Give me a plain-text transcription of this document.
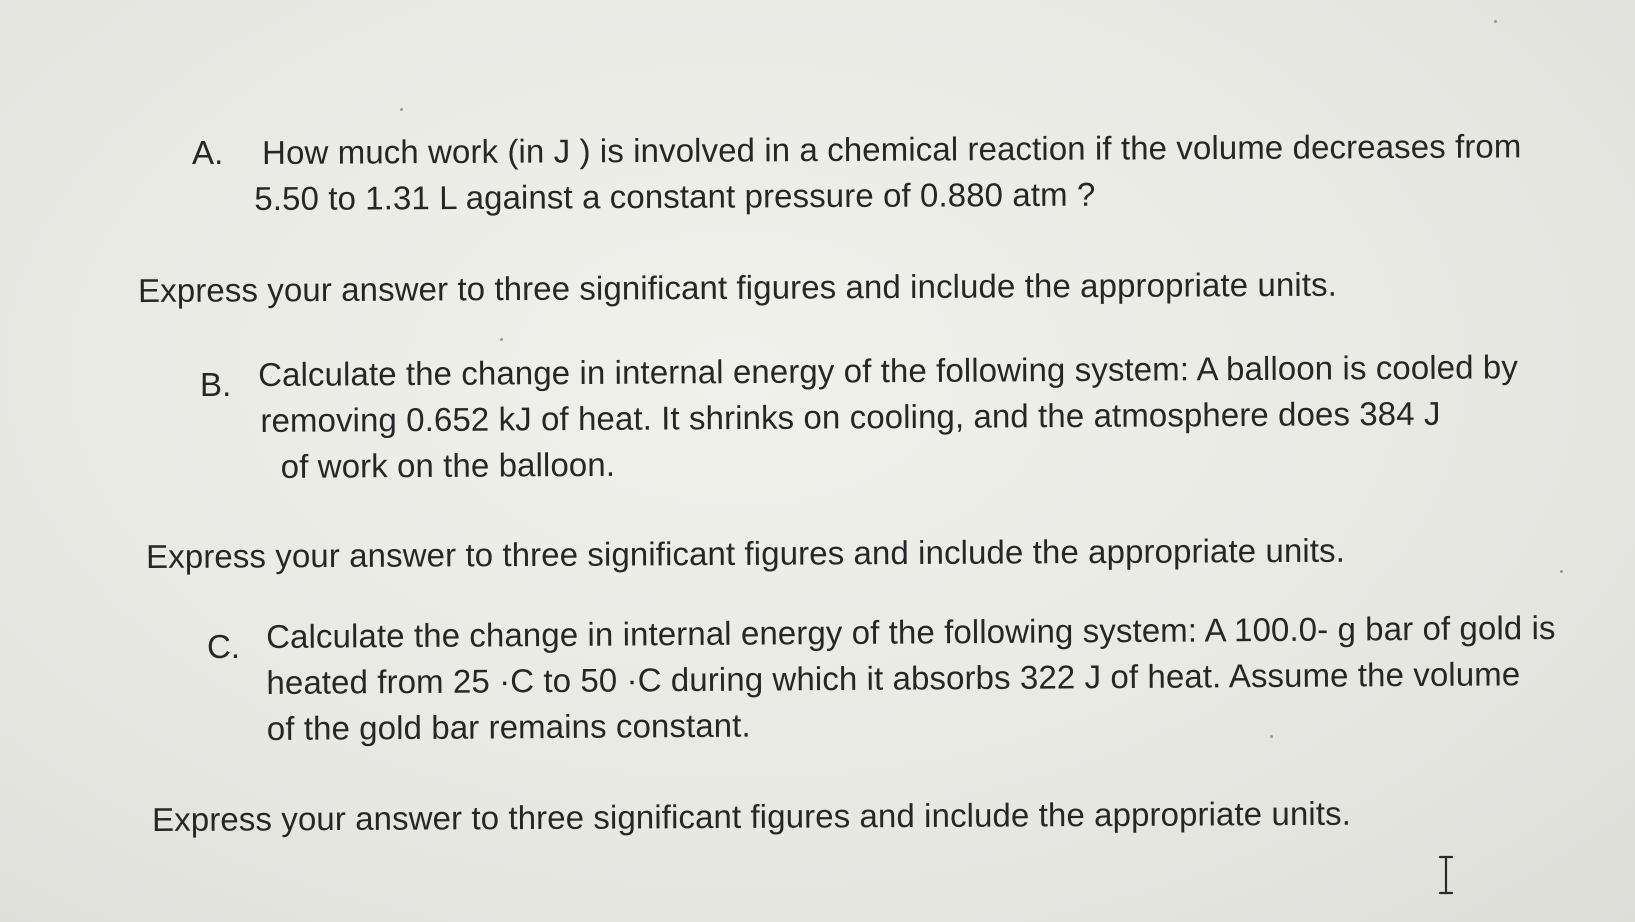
A. How much work (in J ) is involved in a chemical reaction if the volume decreases from
5.50 to 1.31 L against a constant pressure of 0.880 atm ?
Express your answer to three significant figures and include the appropriate units.
B. Calculate the change in internal energy of the following system: A balloon is cooled by
removing 0.652 kJ of heat. It shrinks on cooling, and the atmosphere does 384 J
of work on the balloon.
Express your answer to three significant figures and include the appropriate units.
C. Calculate the change in internal energy of the following system: A 100.0- g bar of gold is
heated from 25 ·C to 50 ·C during which it absorbs 322 J of heat. Assume the volume
of the gold bar remains constant.
Express your answer to three significant figures and include the appropriate units.
